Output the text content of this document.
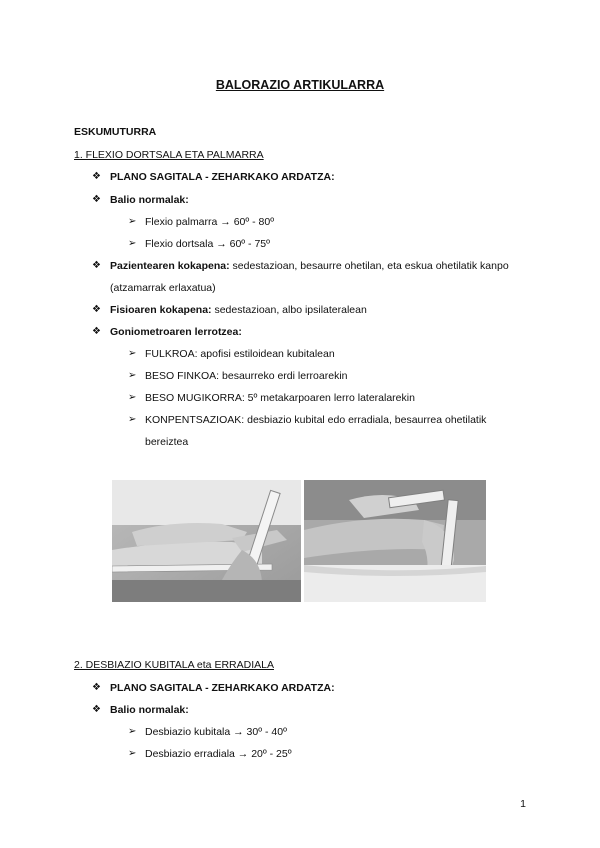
BALORAZIO ARTIKULARRA
ESKUMUTURRA
1. FLEXIO DORTSALA ETA PALMARRA
❖ PLANO SAGITALA - ZEHARKAKO ARDATZA:
❖ Balio normalak:
➢ Flexio palmarra → 60º - 80º
➢ Flexio dortsala → 60º - 75º
❖ Pazientearen kokapena: sedestazioan, besaurre ohetilan, eta eskua ohetilatik kanpo
(atzamarrak erlaxatua)
❖ Fisioaren kokapena: sedestazioan, albo ipsilateralean
❖ Goniometroaren lerrotzea:
➢ FULKROA: apofisi estiloidean kubitalean
➢ BESO FINKOA: besaurreko erdi lerroarekin
➢ BESO MUGIKORRA: 5º metakarpoaren lerro lateralarekin
➢ KONPENTSAZIOAK: desbiazio kubital edo erradiala, besaurrea ohetilatik
bereiztea
2. DESBIAZIO KUBITALA eta ERRADIALA
❖ PLANO SAGITALA - ZEHARKAKO ARDATZA:
❖ Balio normalak:
➢ Desbiazio kubitala → 30º - 40º
➢ Desbiazio erradiala → 20º - 25º
1
